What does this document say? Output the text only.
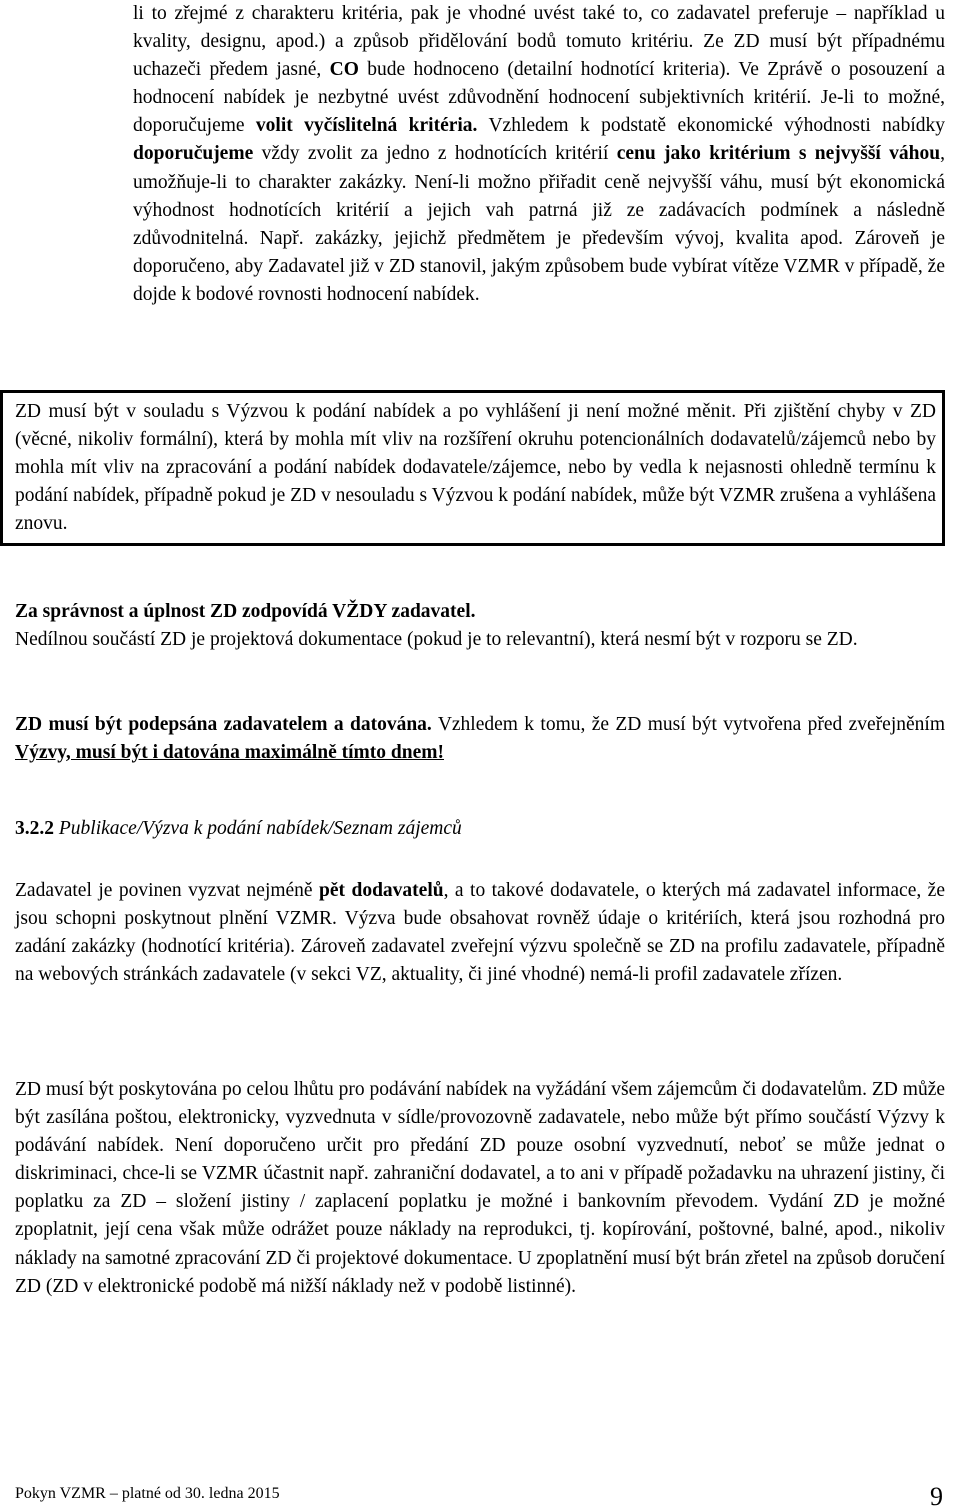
li to zřejmé z charakteru kritéria, pak je vhodné uvést také to, co zadavatel preferuje – například u kvality, designu, apod.) a způsob přidělování bodů tomuto kritériu. Ze ZD musí být případnému uchazeči předem jasné, CO bude hodnoceno (detailní hodnotící kriteria). Ve Zprávě o posouzení a hodnocení nabídek je nezbytné uvést zdůvodnění hodnocení subjektivních kritérií. Je-li to možné, doporučujeme volit vyčíslitelná kritéria. Vzhledem k podstatě ekonomické výhodnosti nabídky doporučujeme vždy zvolit za jedno z hodnotících kritérií cenu jako kritérium s nejvyšší váhou, umožňuje-li to charakter zakázky. Není-li možno přiřadit ceně nejvyšší váhu, musí být ekonomická výhodnost hodnotících kritérií a jejich vah patrná již ze zadávacích podmínek a následně zdůvodnitelná. Např. zakázky, jejichž předmětem je především vývoj, kvalita apod. Zároveň je doporučeno, aby Zadavatel již v ZD stanovil, jakým způsobem bude vybírat vítěze VZMR v případě, že dojde k bodové rovnosti hodnocení nabídek.

ZD musí být v souladu s Výzvou k podání nabídek a po vyhlášení ji není možné měnit. Při zjištění chyby v ZD (věcné, nikoliv formální), která by mohla mít vliv na rozšíření okruhu potencionálních dodavatelů/zájemců nebo by mohla mít vliv na zpracování a podání nabídek dodavatele/zájemce, nebo by vedla k nejasnosti ohledně termínu k podání nabídek, případně pokud je ZD v nesouladu s Výzvou k podání nabídek, může být VZMR zrušena a vyhlášena znovu.

Za správnost a úplnost ZD zodpovídá VŽDY zadavatel.

Nedílnou součástí ZD je projektová dokumentace (pokud je to relevantní), která nesmí být v rozporu se ZD.

ZD musí být podepsána zadavatelem a datována. Vzhledem k tomu, že ZD musí být vytvořena před zveřejněním Výzvy, musí být i datována maximálně tímto dnem!

3.2.2 Publikace/Výzva k podání nabídek/Seznam zájemců

Zadavatel je povinen vyzvat nejméně pět dodavatelů, a to takové dodavatele, o kterých má zadavatel informace, že jsou schopni poskytnout plnění VZMR. Výzva bude obsahovat rovněž údaje o kritériích, která jsou rozhodná pro zadání zakázky (hodnotící kritéria). Zároveň zadavatel zveřejní výzvu společně se ZD na profilu zadavatele, případně na webových stránkách zadavatele (v sekci VZ, aktuality, či jiné vhodné) nemá-li profil zadavatele zřízen.

ZD musí být poskytována po celou lhůtu pro podávání nabídek na vyžádání všem zájemcům či dodavatelům. ZD může být zasílána poštou, elektronicky, vyzvednuta v sídle/provozovně zadavatele, nebo může být přímo součástí Výzvy k podávání nabídek. Není doporučeno určit pro předání ZD pouze osobní vyzvednutí, neboť se může jednat o diskriminaci, chce-li se VZMR účastnit např. zahraniční dodavatel, a to ani v případě požadavku na uhrazení jistiny, či poplatku za ZD – složení jistiny / zaplacení poplatku je možné i bankovním převodem. Vydání ZD je možné zpoplatnit, její cena však může odrážet pouze náklady na reprodukci, tj. kopírování, poštovné, balné, apod., nikoliv náklady na samotné zpracování ZD či projektové dokumentace. U zpoplatnění musí být brán zřetel na způsob doručení ZD (ZD v elektronické podobě má nižší náklady než v podobě listinné).

Pokyn VZMR – platné od 30. ledna 2015	9
